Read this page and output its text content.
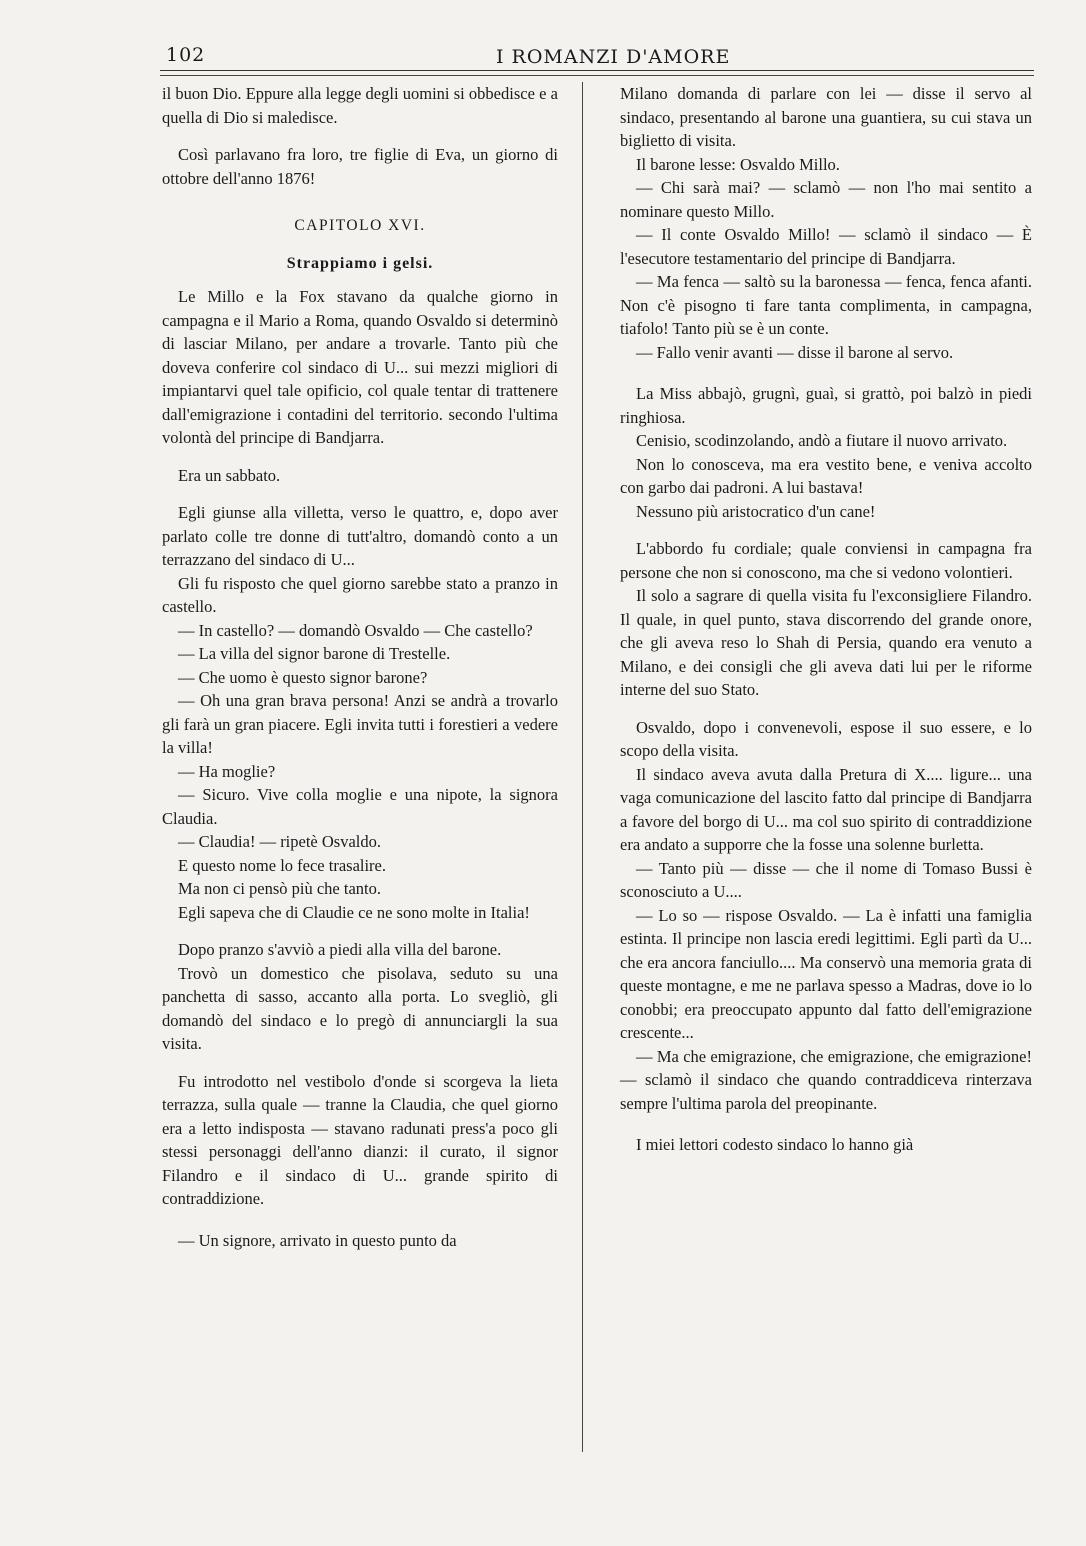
102	I ROMANZI D'AMORE

il buon Dio. Eppure alla legge degli uomini si obbedisce e a quella di Dio si maledisce.

Così parlavano fra loro, tre figlie di Eva, un giorno di ottobre dell'anno 1876!

CAPITOLO XVI.
Strappiamo i gelsi.

Le Millo e la Fox stavano da qualche giorno in campagna e il Mario a Roma, quando Osvaldo si determinò di lasciar Milano, per andare a trovarle. Tanto più che doveva conferire col sindaco di U... sui mezzi migliori di impiantarvi quel tale opificio, col quale tentar di trattenere dall'emigrazione i contadini del territorio. secondo l'ultima volontà del principe di Bandjarra.

Era un sabbato.

Egli giunse alla villetta, verso le quattro, e, dopo aver parlato colle tre donne di tutt'altro, domandò conto a un terrazzano del sindaco di U...

Gli fu risposto che quel giorno sarebbe stato a pranzo in castello.

— In castello? — domandò Osvaldo — Che castello?

— La villa del signor barone di Trestelle.

— Che uomo è questo signor barone?

— Oh una gran brava persona! Anzi se andrà a trovarlo gli farà un gran piacere. Egli invita tutti i forestieri a vedere la villa!

— Ha moglie?

— Sicuro. Vive colla moglie e una nipote, la signora Claudia.

— Claudia! — ripetè Osvaldo.

E questo nome lo fece trasalire.

Ma non ci pensò più che tanto.

Egli sapeva che di Claudie ce ne sono molte in Italia!

Dopo pranzo s'avviò a piedi alla villa del barone.

Trovò un domestico che pisolava, seduto su una panchetta di sasso, accanto alla porta. Lo svegliò, gli domandò del sindaco e lo pregò di annunciargli la sua visita.

Fu introdotto nel vestibolo d'onde si scorgeva la lieta terrazza, sulla quale — tranne la Claudia, che quel giorno era a letto indisposta — stavano radunati press'a poco gli stessi personaggi dell'anno dianzi: il curato, il signor Filandro e il sindaco di U... grande spirito di contraddizione.

— Un signore, arrivato in questo punto da

Milano domanda di parlare con lei — disse il servo al sindaco, presentando al barone una guantiera, su cui stava un biglietto di visita.

Il barone lesse: Osvaldo Millo.

— Chi sarà mai? — sclamò — non l'ho mai sentito a nominare questo Millo.

— Il conte Osvaldo Millo! — sclamò il sindaco — È l'esecutore testamentario del principe di Bandjarra.

— Ma fenca — saltò su la baronessa — fenca, fenca afanti. Non c'è pisogno ti fare tanta complimenta, in campagna, tiafolo! Tanto più se è un conte.

— Fallo venir avanti — disse il barone al servo.

La Miss abbajò, grugnì, guaì, si grattò, poi balzò in piedi ringhiosa.

Cenisio, scodinzolando, andò a fiutare il nuovo arrivato.

Non lo conosceva, ma era vestito bene, e veniva accolto con garbo dai padroni. A lui bastava!

Nessuno più aristocratico d'un cane!

L'abbordo fu cordiale; quale conviensi in campagna fra persone che non si conoscono, ma che si vedono volontieri.

Il solo a sagrare di quella visita fu l'exconsigliere Filandro. Il quale, in quel punto, stava discorrendo del grande onore, che gli aveva reso lo Shah di Persia, quando era venuto a Milano, e dei consigli che gli aveva dati lui per le riforme interne del suo Stato.

Osvaldo, dopo i convenevoli, espose il suo essere, e lo scopo della visita.

Il sindaco aveva avuta dalla Pretura di X.... ligure... una vaga comunicazione del lascito fatto dal principe di Bandjarra a favore del borgo di U... ma col suo spirito di contraddizione era andato a supporre che la fosse una solenne burletta.

— Tanto più — disse — che il nome di Tomaso Bussi è sconosciuto a U....

— Lo so — rispose Osvaldo. — La è infatti una famiglia estinta. Il principe non lascia eredi legittimi. Egli partì da U... che era ancora fanciullo.... Ma conservò una memoria grata di queste montagne, e me ne parlava spesso a Madras, dove io lo conobbi; era preoccupato appunto dal fatto dell'emigrazione crescente...

— Ma che emigrazione, che emigrazione, che emigrazione! — sclamò il sindaco che quando contraddiceva rinterzava sempre l'ultima parola del preopinante.

I miei lettori codesto sindaco lo hanno già
